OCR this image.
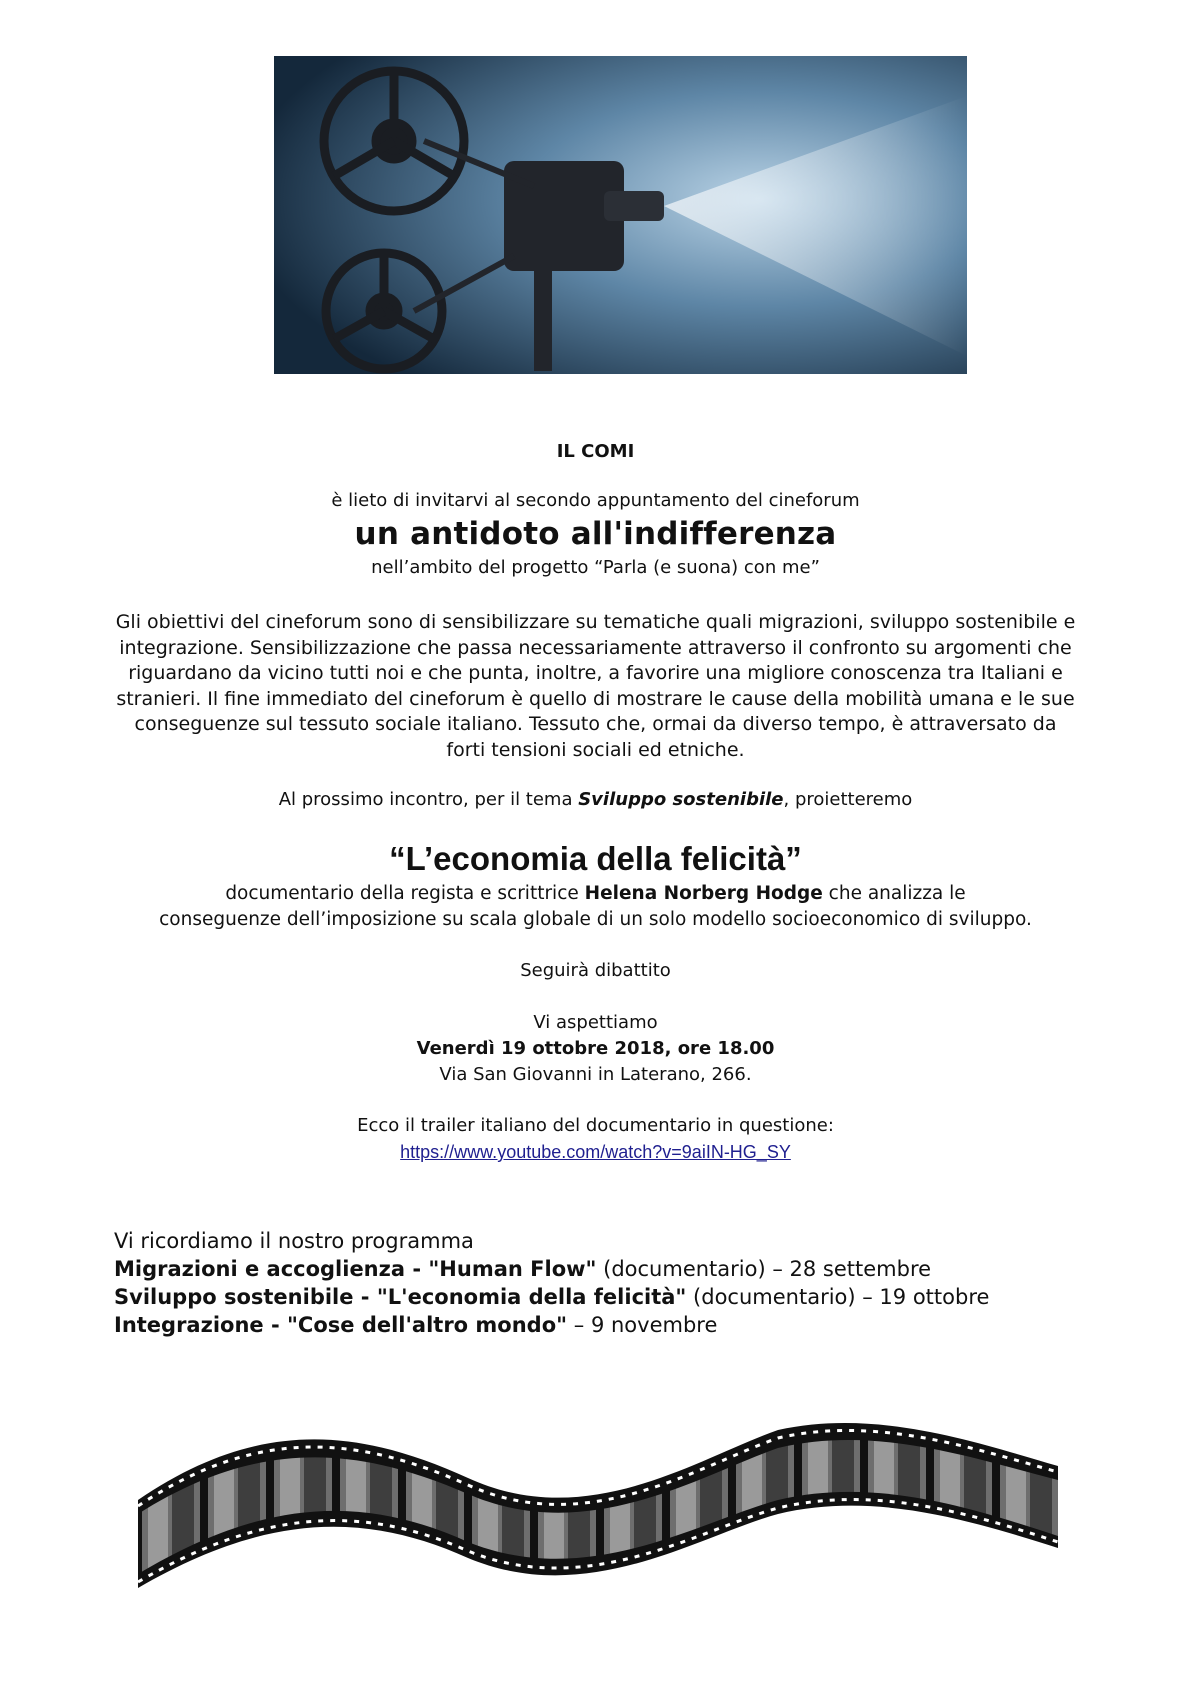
IL COMI
è lieto di invitarvi al secondo appuntamento del cineforum
un antidoto all'indifferenza
nell’ambito del progetto “Parla (e suona) con me”
Gli obiettivi del cineforum sono di sensibilizzare su tematiche quali migrazioni, sviluppo sostenibile e integrazione. Sensibilizzazione che passa necessariamente attraverso il confronto su argomenti che riguardano da vicino tutti noi e che punta, inoltre, a favorire una migliore conoscenza tra Italiani e stranieri. Il fine immediato del cineforum è quello di mostrare le cause della mobilità umana e le sue conseguenze sul tessuto sociale italiano. Tessuto che, ormai da diverso tempo, è attraversato da forti tensioni sociali ed etniche.
Al prossimo incontro, per il tema Sviluppo sostenibile, proietteremo
“L’economia della felicità”
documentario della regista e scrittrice Helena Norberg Hodge che analizza le
conseguenze dell’imposizione su scala globale di un solo modello socioeconomico di sviluppo.
Seguirà dibattito
Vi aspettiamo
Venerdì 19 ottobre 2018, ore 18.00
Via San Giovanni in Laterano, 266.
Ecco il trailer italiano del documentario in questione:
https://www.youtube.com/watch?v=9aiIN-HG_SY
Vi ricordiamo il nostro programma
Migrazioni e accoglienza - "Human Flow" (documentario) – 28 settembre
Sviluppo sostenibile - "L'economia della felicità" (documentario) – 19 ottobre
Integrazione - "Cose dell'altro mondo" – 9 novembre
